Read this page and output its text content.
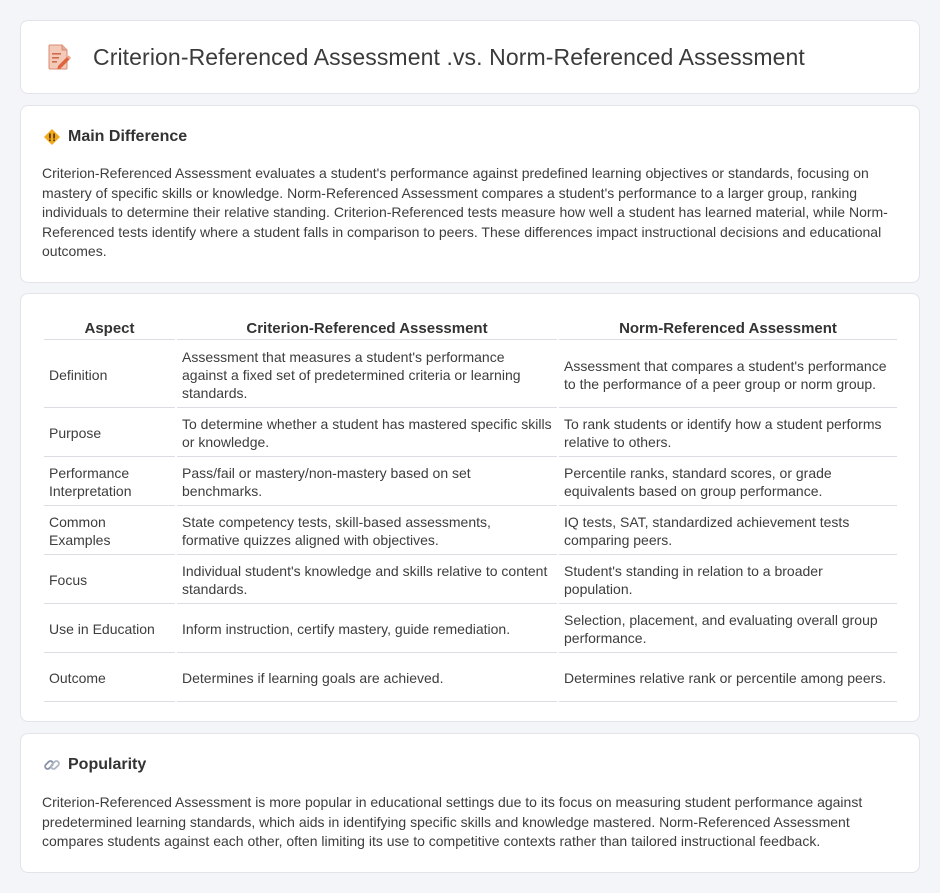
Criterion-Referenced Assessment .vs. Norm-Referenced Assessment
Main Difference

Criterion-Referenced Assessment evaluates a student's performance against predefined learning objectives or standards, focusing on mastery of specific skills or knowledge. Norm-Referenced Assessment compares a student's performance to a larger group, ranking individuals to determine their relative standing. Criterion-Referenced tests measure how well a student has learned material, while Norm-Referenced tests identify where a student falls in comparison to peers. These differences impact instructional decisions and educational outcomes.

Aspect	Criterion-Referenced Assessment	Norm-Referenced Assessment
Definition	Assessment that measures a student's performance against a fixed set of predetermined criteria or learning standards.	Assessment that compares a student's performance to the performance of a peer group or norm group.
Purpose	To determine whether a student has mastered specific skills or knowledge.	To rank students or identify how a student performs relative to others.
Performance Interpretation	Pass/fail or mastery/non-mastery based on set benchmarks.	Percentile ranks, standard scores, or grade equivalents based on group performance.
Common Examples	State competency tests, skill-based assessments, formative quizzes aligned with objectives.	IQ tests, SAT, standardized achievement tests comparing peers.
Focus	Individual student's knowledge and skills relative to content standards.	Student's standing in relation to a broader population.
Use in Education	Inform instruction, certify mastery, guide remediation.	Selection, placement, and evaluating overall group performance.
Outcome	Determines if learning goals are achieved.	Determines relative rank or percentile among peers.
Popularity

Criterion-Referenced Assessment is more popular in educational settings due to its focus on measuring student performance against predetermined learning standards, which aids in identifying specific skills and knowledge mastered. Norm-Referenced Assessment compares students against each other, often limiting its use to competitive contexts rather than tailored instructional feedback.
